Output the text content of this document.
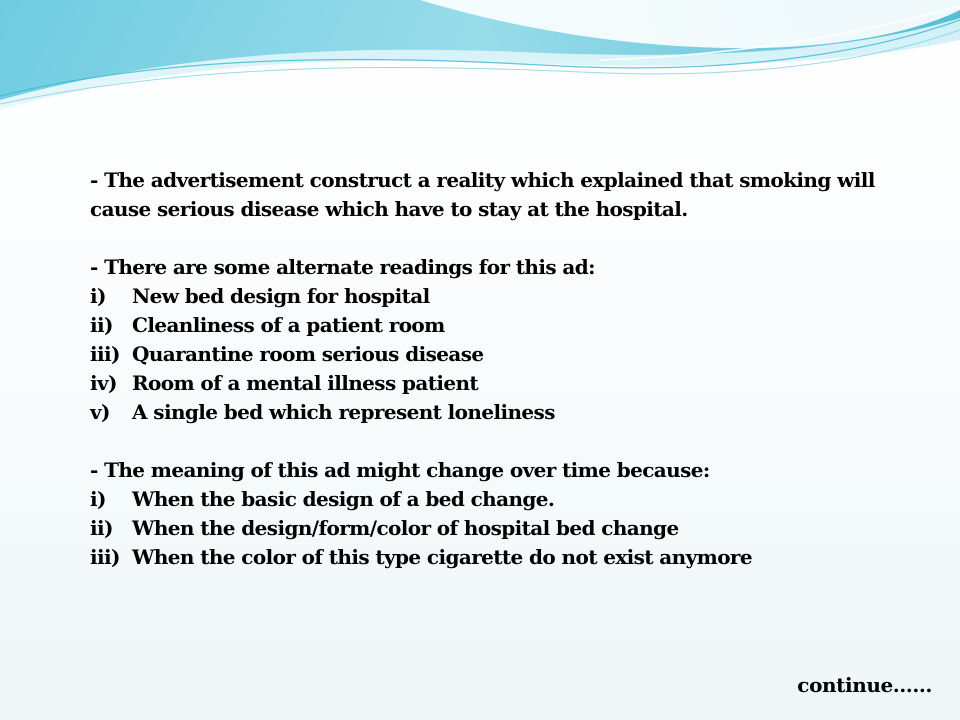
- The advertisement construct a reality which explained that smoking will cause serious disease which have to stay at the hospital.

- There are some alternate readings for this ad:

i)	New bed design for hospital
ii) Cleanliness of a patient room
iii) Quarantine room serious disease
iv) Room of a mental illness patient
v)	A single bed which represent loneliness

- The meaning of this ad might change over time because:

i)	When the basic design of a bed change.
ii) When the design/form/color of hospital bed change
iii) When the color of this type cigarette do not exist anymore
continue……
